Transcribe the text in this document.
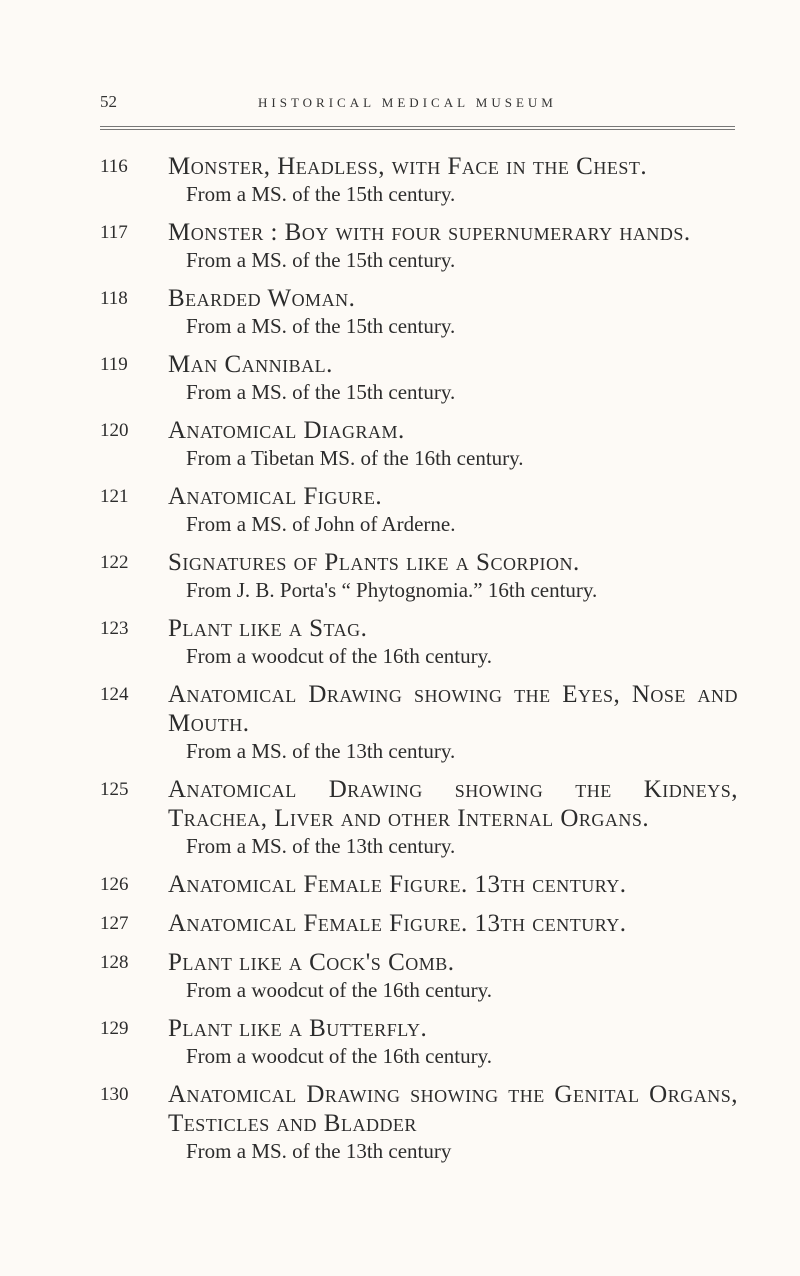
52	HISTORICAL MEDICAL MUSEUM
116	Monster, Headless, with Face in the Chest.
From a MS. of the 15th century.
117	Monster : Boy with four supernumerary hands.
From a MS. of the 15th century.
118	Bearded Woman.
From a MS. of the 15th century.
119	Man Cannibal.
From a MS. of the 15th century.
120	Anatomical Diagram.
From a Tibetan MS. of the 16th century.
121	Anatomical Figure.
From a MS. of John of Arderne.
122	Signatures of Plants like a Scorpion.
From J. B. Porta's “ Phytognomia.” 16th century.
123	Plant like a Stag.
From a woodcut of the 16th century.
124	Anatomical Drawing showing the Eyes, Nose and Mouth.
From a MS. of the 13th century.
125	Anatomical Drawing showing the Kidneys, Trachea, Liver and other Internal Organs.
From a MS. of the 13th century.
126	Anatomical Female Figure. 13th century.
127	Anatomical Female Figure. 13th century.
128	Plant like a Cock's Comb.
From a woodcut of the 16th century.
129	Plant like a Butterfly.
From a woodcut of the 16th century.
130	Anatomical Drawing showing the Genital Organs, Testicles and Bladder
From a MS. of the 13th century
